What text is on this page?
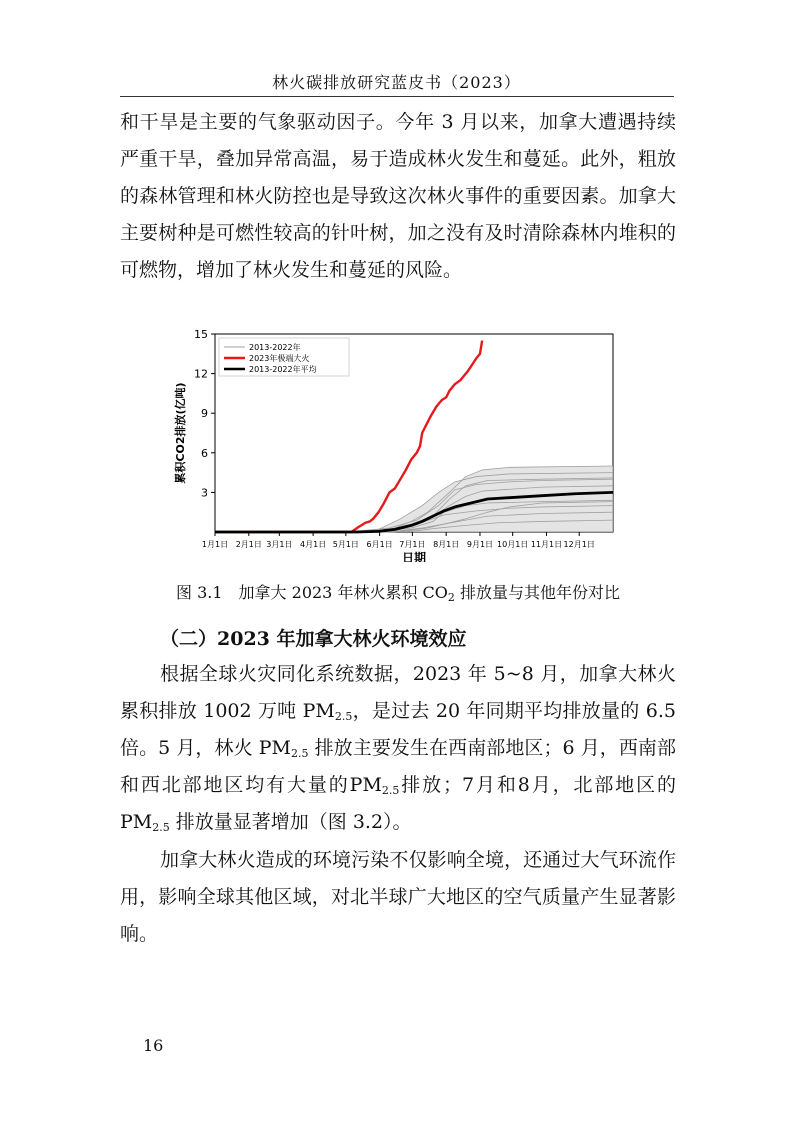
林火碳排放研究蓝皮书（2023）

和干旱是主要的气象驱动因子。今年 3 月以来，加拿大遭遇持续严重干旱，叠加异常高温，易于造成林火发生和蔓延。此外，粗放的森林管理和林火防控也是导致这次林火事件的重要因素。加拿大主要树种是可燃性较高的针叶树，加之没有及时清除森林内堆积的可燃物，增加了林火发生和蔓延的风险。

3
6
9
12
15
1月1日 2月1日 3月1日 4月1日 5月1日 6月1日 7月1日 8月1日 9月1日 10月1日 11月1日 12月1日
日期
累积CO2排放(亿吨)
2013-2022年
2023年极端大火
2013-2022年平均
图 3.1　加拿大 2023 年林火累积 $CO_2$ 排放量与其他年份对比
（二）2023 年加拿大林火环境效应

根据全球火灾同化系统数据，2023 年 5~8 月，加拿大林火累积排放 1002 万吨 $PM_{2.5}$，是过去 20 年同期平均排放量的 6.5 倍。5 月，林火 $PM_{2.5}$ 排放主要发生在西南部地区；6 月，西南部和西北部地区均有大量的$PM_{2.5}$排放；7月和8月，北部地区的 $PM_{2.5}$ 排放量显著增加（图 3.2）。

加拿大林火造成的环境污染不仅影响全境，还通过大气环流作用，影响全球其他区域，对北半球广大地区的空气质量产生显著影响。

16
